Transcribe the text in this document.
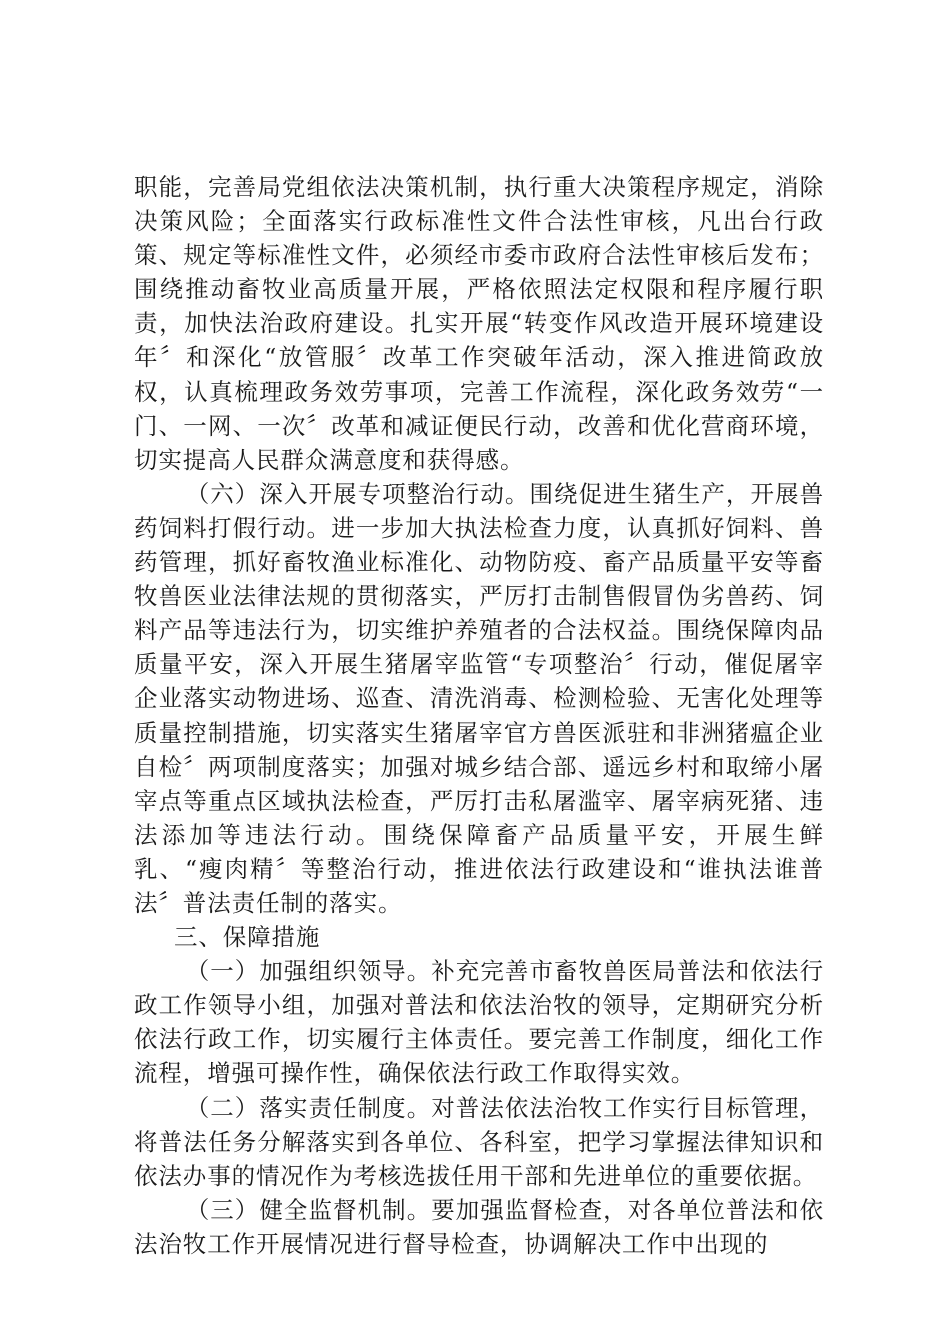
职能，完善局党组依法决策机制，执行重大决策程序规定，消除决策风险；全面落实行政标准性文件合法性审核，凡出台行政策、规定等标准性文件，必须经市委市政府合法性审核后发布；围绕推动畜牧业高质量开展，严格依照法定权限和程序履行职责，加快法治政府建设。扎实开展“转变作风改造开展环境建设年〞和深化“放管服〞改革工作突破年活动，深入推进简政放权，认真梳理政务效劳事项，完善工作流程，深化政务效劳“一门、一网、一次〞改革和减证便民行动，改善和优化营商环境，切实提高人民群众满意度和获得感。

（六）深入开展专项整治行动。围绕促进生猪生产，开展兽药饲料打假行动。进一步加大执法检查力度，认真抓好饲料、兽药管理，抓好畜牧渔业标准化、动物防疫、畜产品质量平安等畜牧兽医业法律法规的贯彻落实，严厉打击制售假冒伪劣兽药、饲料产品等违法行为，切实维护养殖者的合法权益。围绕保障肉品质量平安，深入开展生猪屠宰监管“专项整治〞行动，催促屠宰企业落实动物进场、巡查、清洗消毒、检测检验、无害化处理等质量控制措施，切实落实生猪屠宰官方兽医派驻和非洲猪瘟企业自检〞两项制度落实；加强对城乡结合部、遥远乡村和取缔小屠宰点等重点区域执法检查，严厉打击私屠滥宰、屠宰病死猪、违法添加等违法行动。围绕保障畜产品质量平安，开展生鲜乳、“瘦肉精〞等整治行动，推进依法行政建设和“谁执法谁普法〞普法责任制的落实。

三、保障措施

（一）加强组织领导。补充完善市畜牧兽医局普法和依法行政工作领导小组，加强对普法和依法治牧的领导，定期研究分析依法行政工作，切实履行主体责任。要完善工作制度，细化工作流程，增强可操作性，确保依法行政工作取得实效。

（二）落实责任制度。对普法依法治牧工作实行目标管理，将普法任务分解落实到各单位、各科室，把学习掌握法律知识和依法办事的情况作为考核选拔任用干部和先进单位的重要依据。

（三）健全监督机制。要加强监督检查，对各单位普法和依法治牧工作开展情况进行督导检查，协调解决工作中出现的
